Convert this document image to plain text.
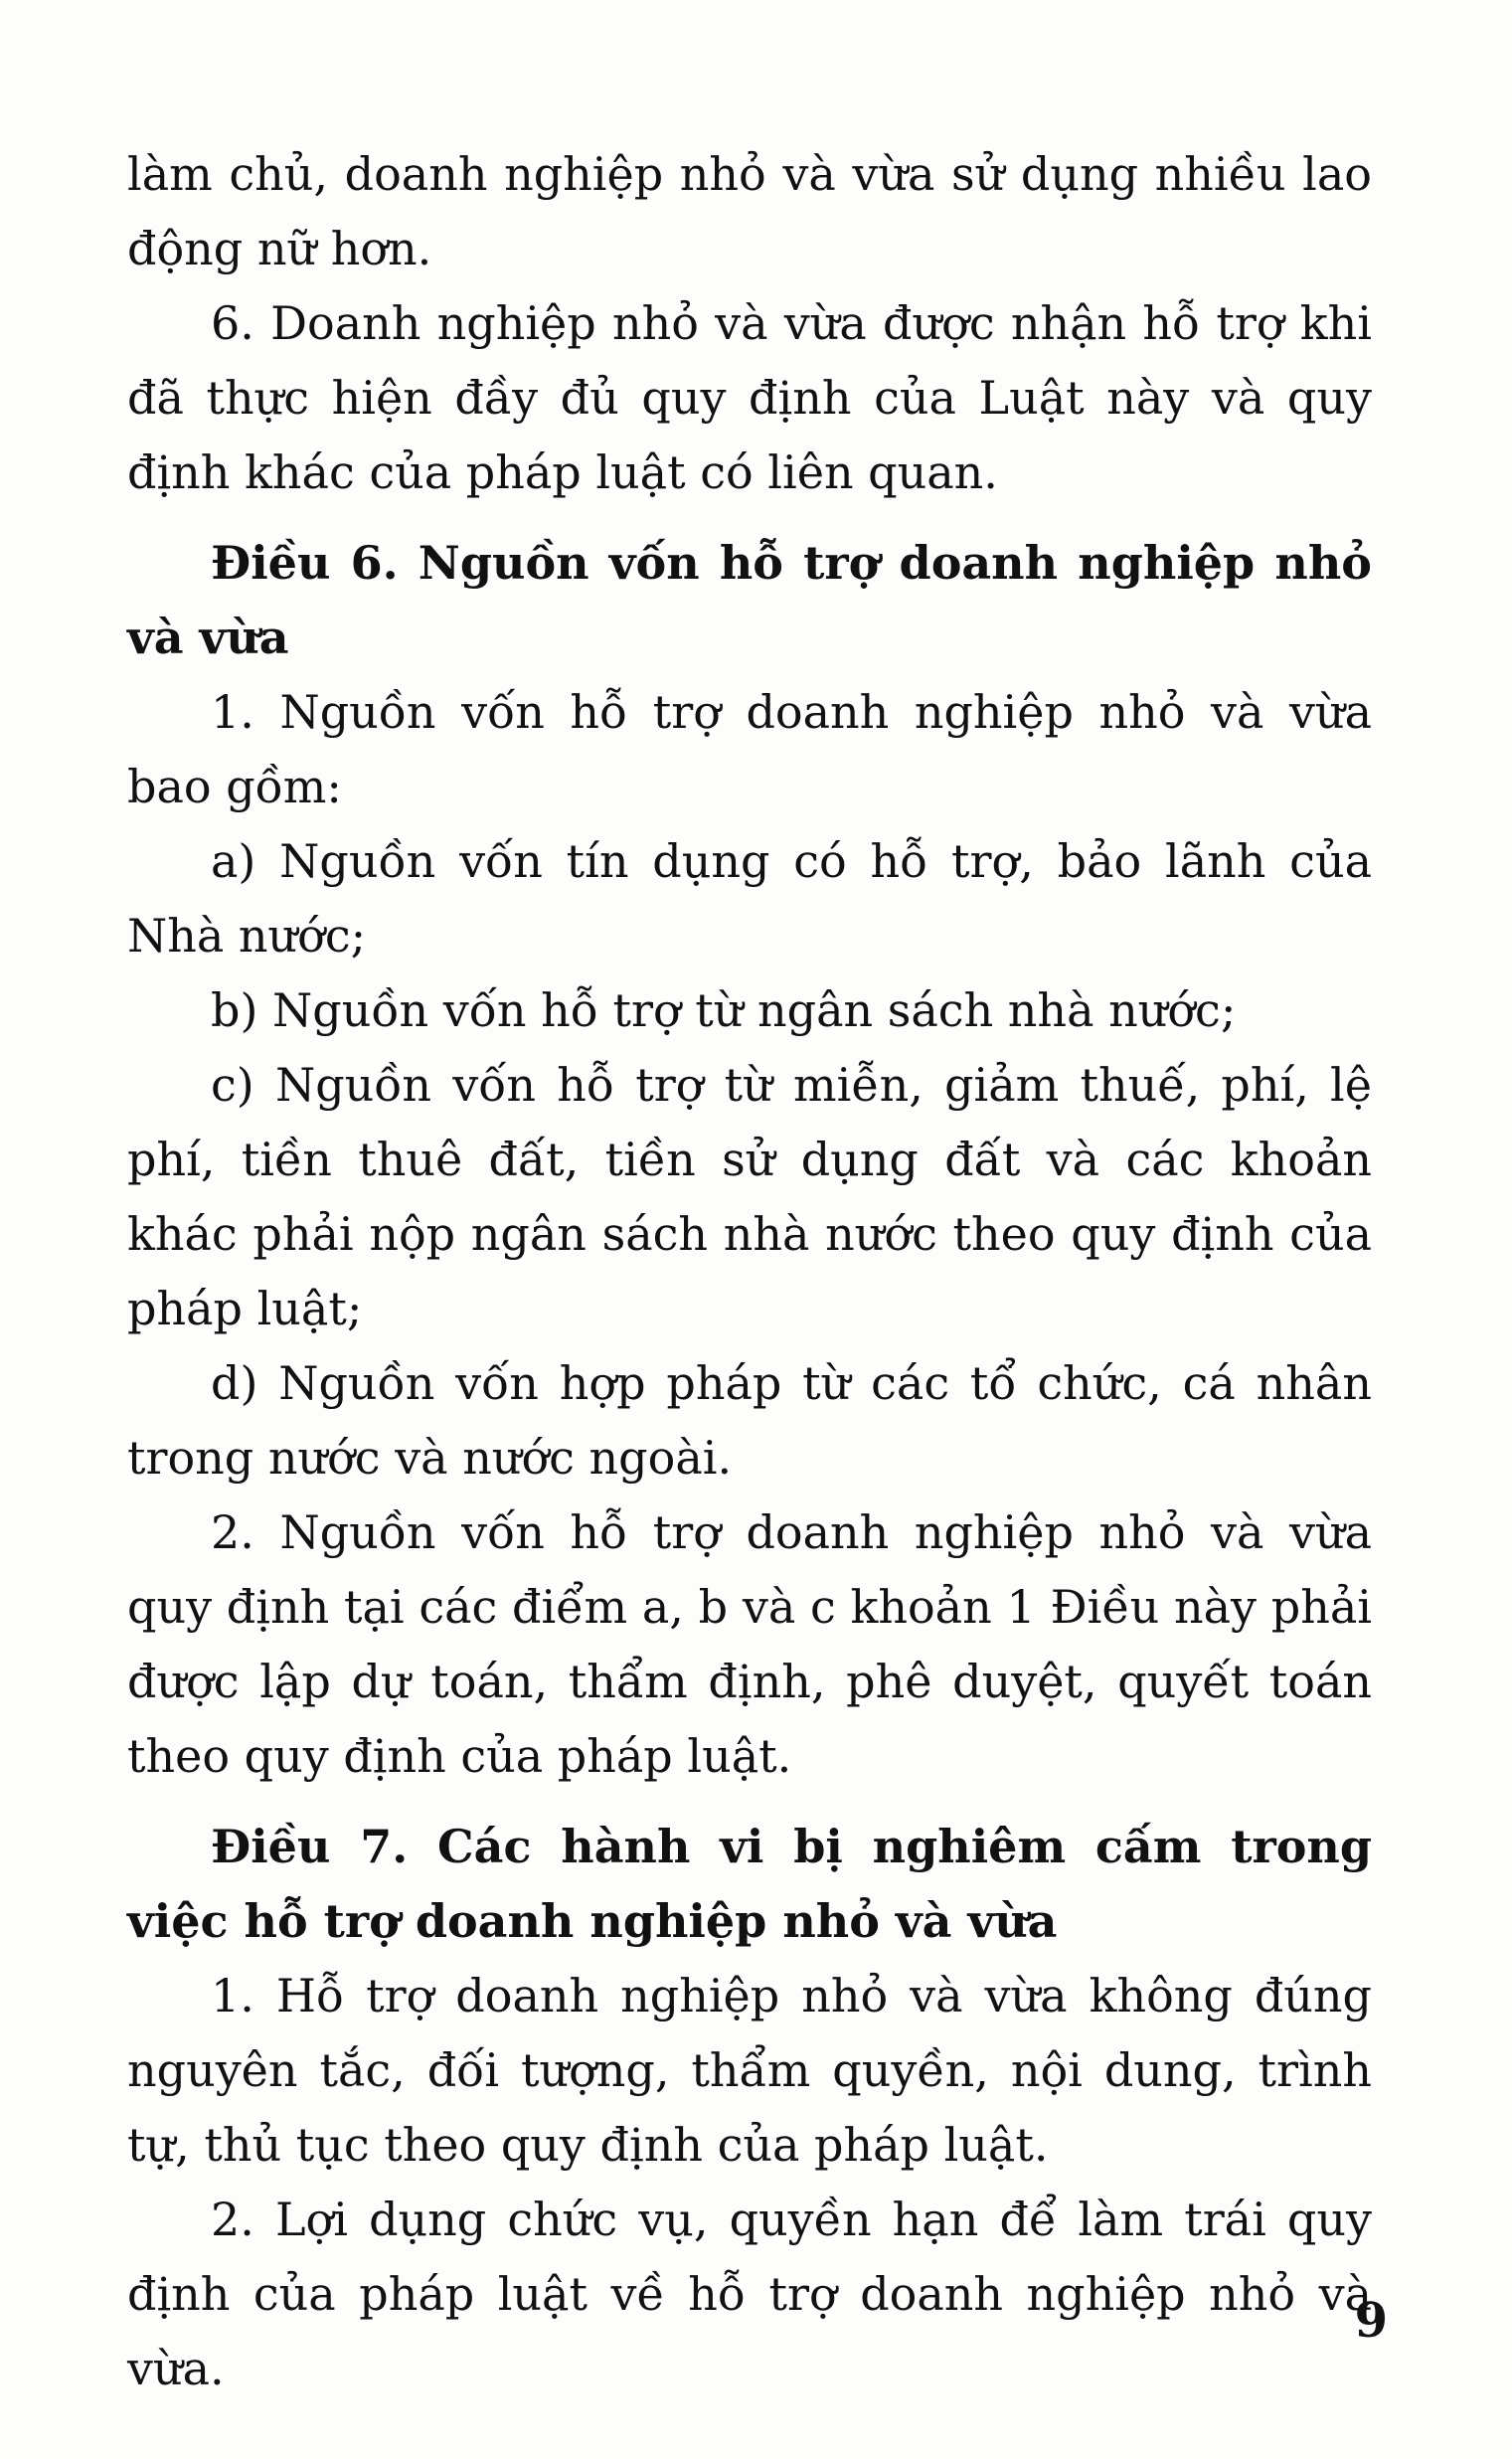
làm chủ, doanh nghiệp nhỏ và vừa sử dụng nhiều lao động nữ hơn.

6. Doanh nghiệp nhỏ và vừa được nhận hỗ trợ khi đã thực hiện đầy đủ quy định của Luật này và quy định khác của pháp luật có liên quan.

Điều 6. Nguồn vốn hỗ trợ doanh nghiệp nhỏ và vừa

1. Nguồn vốn hỗ trợ doanh nghiệp nhỏ và vừa bao gồm:

a) Nguồn vốn tín dụng có hỗ trợ, bảo lãnh của Nhà nước;

b) Nguồn vốn hỗ trợ từ ngân sách nhà nước;

c) Nguồn vốn hỗ trợ từ miễn, giảm thuế, phí, lệ phí, tiền thuê đất, tiền sử dụng đất và các khoản khác phải nộp ngân sách nhà nước theo quy định của pháp luật;

d) Nguồn vốn hợp pháp từ các tổ chức, cá nhân trong nước và nước ngoài.

2. Nguồn vốn hỗ trợ doanh nghiệp nhỏ và vừa quy định tại các điểm a, b và c khoản 1 Điều này phải được lập dự toán, thẩm định, phê duyệt, quyết toán theo quy định của pháp luật.

Điều 7. Các hành vi bị nghiêm cấm trong việc hỗ trợ doanh nghiệp nhỏ và vừa

1. Hỗ trợ doanh nghiệp nhỏ và vừa không đúng nguyên tắc, đối tượng, thẩm quyền, nội dung, trình tự, thủ tục theo quy định của pháp luật.

2. Lợi dụng chức vụ, quyền hạn để làm trái quy định của pháp luật về hỗ trợ doanh nghiệp nhỏ và vừa.

9
